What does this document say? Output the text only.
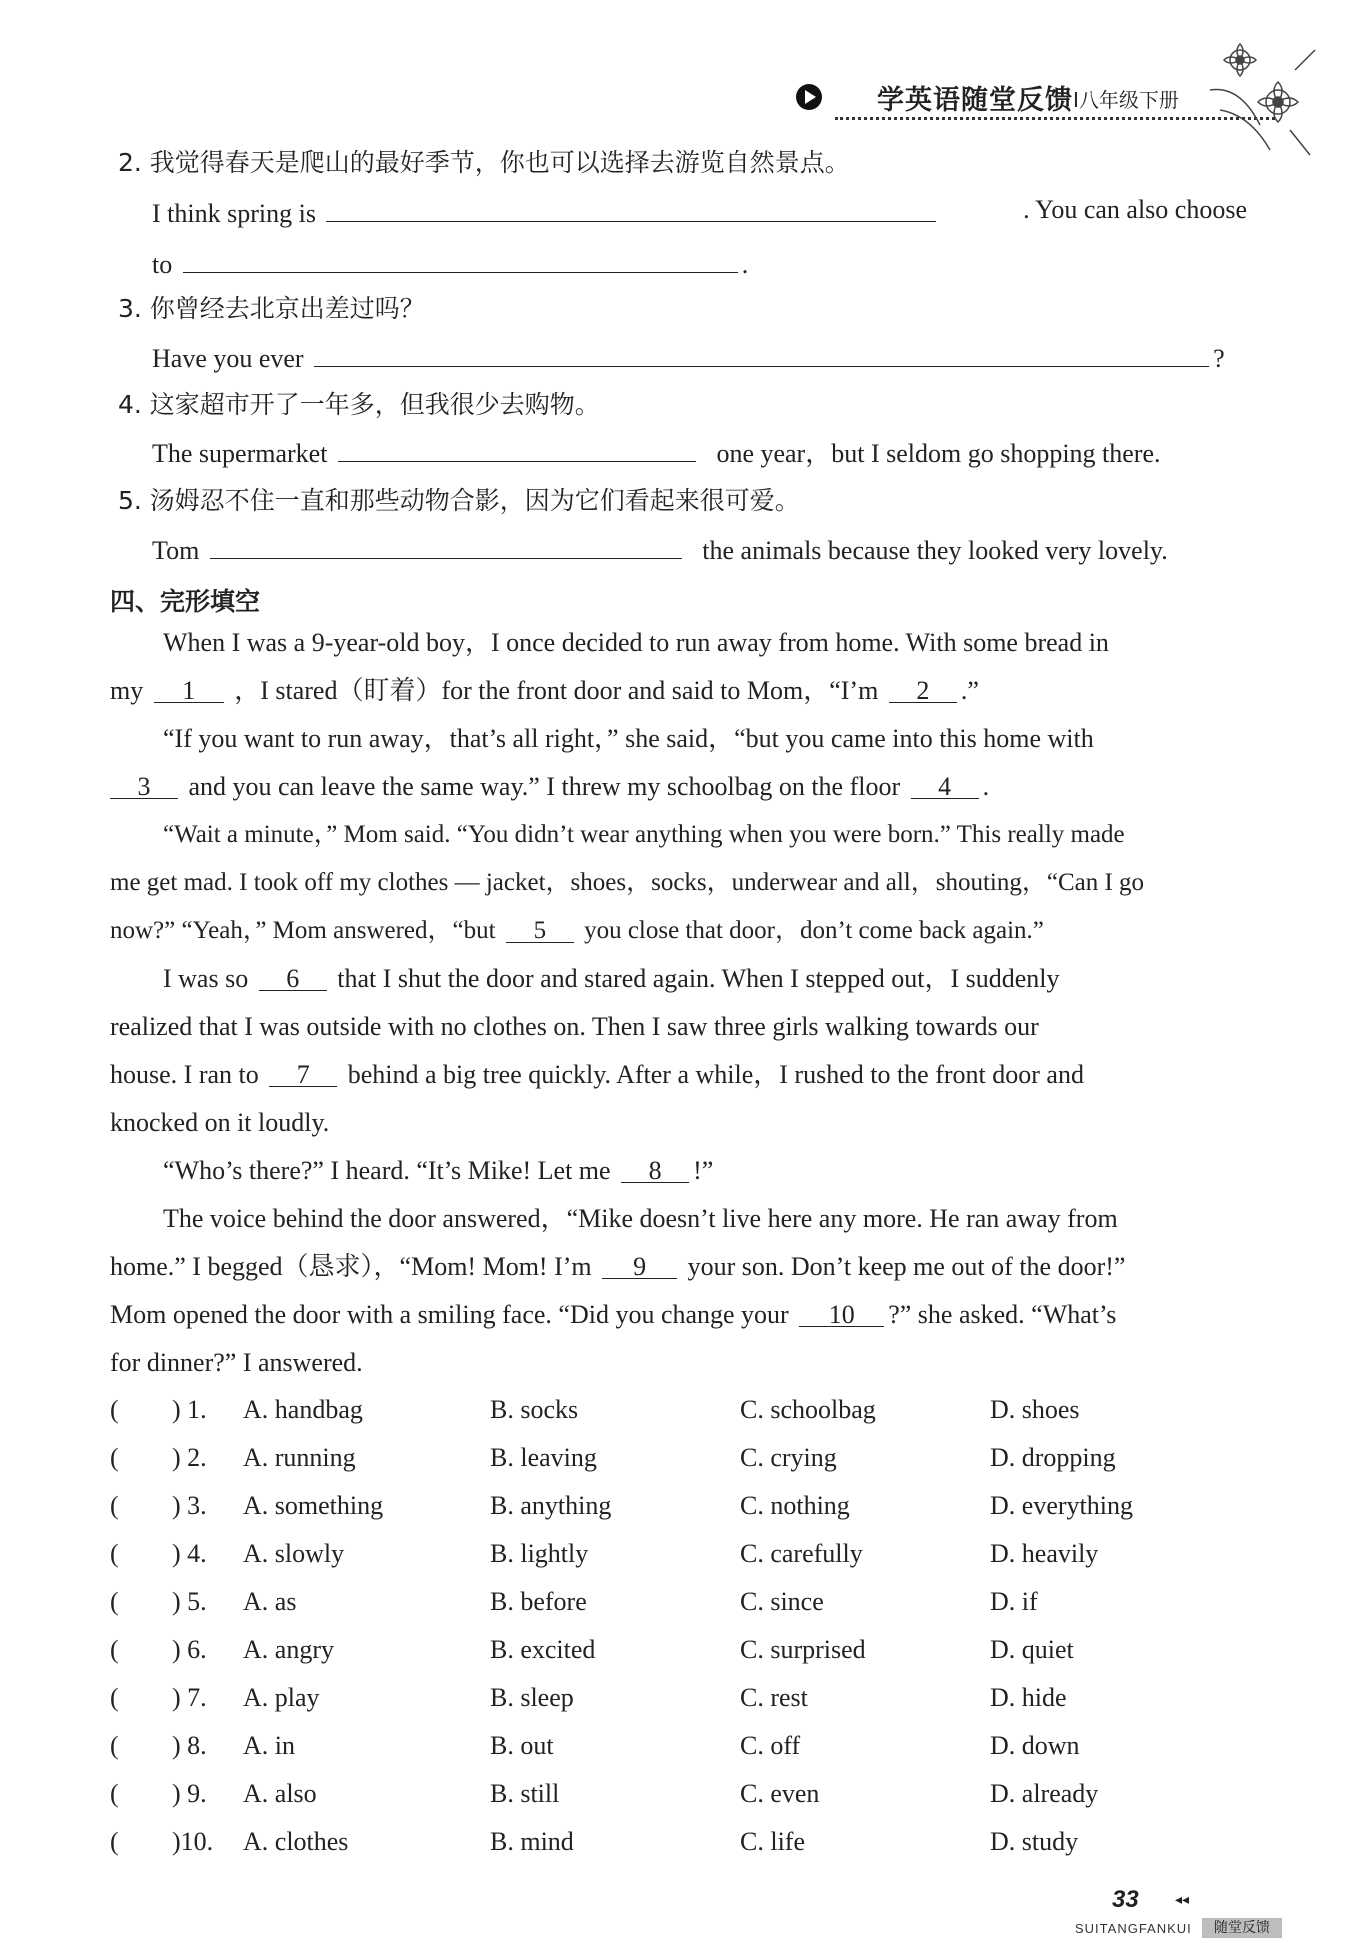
学英语随堂反馈 Ⅰ八年级下册
2. 我觉得春天是爬山的最好季节，你也可以选择去游览自然景点。
I think spring is	. You can also choose
to	.
3. 你曾经去北京出差过吗？
Have you ever	?
4. 这家超市开了一年多，但我很少去购物。
The supermarket	one year，but I seldom go shopping there.
5. 汤姆忍不住一直和那些动物合影，因为它们看起来很可爱。
Tom	the animals because they looked very lovely.
四、完形填空
When I was a 9-year-old boy，I once decided to run away from home. With some bread in
my 1 ，I stared（盯着）for the front door and said to Mom，“I’m 2 .”
“If you want to run away，that’s all right，” she said，“but you came into this home with
3 and you can leave the same way.” I threw my schoolbag on the floor 4 .
“Wait a minute，” Mom said. “You didn’t wear anything when you were born.” This really made
me get mad. I took off my clothes — jacket，shoes，socks，underwear and all，shouting，“Can I go
now?” “Yeah，” Mom answered，“but 5 you close that door，don’t come back again.”
I was so 6 that I shut the door and stared again. When I stepped out，I suddenly
realized that I was outside with no clothes on. Then I saw three girls walking towards our
house. I ran to 7 behind a big tree quickly. After a while，I rushed to the front door and
knocked on it loudly.
“Who’s there?” I heard. “It’s Mike! Let me 8 !”
The voice behind the door answered，“Mike doesn’t live here any more. He ran away from
home.” I begged（恳求），“Mom! Mom! I’m 9 your son. Don’t keep me out of the door!”
Mom opened the door with a smiling face. “Did you change your 10 ?” she asked. “What’s
for dinner?” I answered.
( ) 1. A. handbag	B. socks	C. schoolbag	D. shoes
( ) 2. A. running	B. leaving	C. crying	D. dropping
( ) 3. A. something	B. anything	C. nothing	D. everything
( ) 4. A. slowly	B. lightly	C. carefully	D. heavily
( ) 5. A. as	B. before	C. since	D. if
( ) 6. A. angry	B. excited	C. surprised	D. quiet
( ) 7. A. play	B. sleep	C. rest	D. hide
( ) 8. A. in	B. out	C. off	D. down
( ) 9. A. also	B. still	C. even	D. already
( )10. A. clothes	B. mind	C. life	D. study
33	◂◂
SUITANGFANKUI	随堂反馈
